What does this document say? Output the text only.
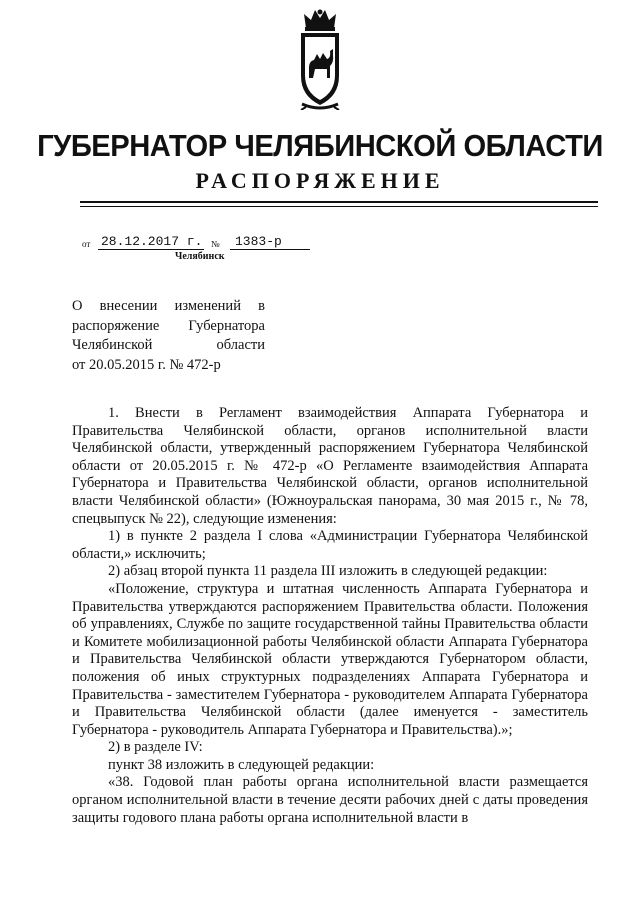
ГУБЕРНАТОР ЧЕЛЯБИНСКОЙ ОБЛАСТИ
РАСПОРЯЖЕНИЕ
от 28.12.2017 г. № 1383-р
Челябинск
О внесении изменений в
распоряжение Губернатора
Челябинской области
от 20.05.2015 г. № 472-р

1. Внести в Регламент взаимодействия Аппарата Губернатора и Правительства Челябинской области, органов исполнительной власти Челябинской области, утвержденный распоряжением Губернатора Челябинской области от 20.05.2015 г. № 472-р «О Регламенте взаимодействия Аппарата Губернатора и Правительства Челябинской области, органов исполнительной власти Челябинской области» (Южноуральская панорама, 30 мая 2015 г., № 78, спецвыпуск № 22), следующие изменения:

1) в пункте 2 раздела I слова «Администрации Губернатора Челябинской области,» исключить;

2) абзац второй пункта 11 раздела III изложить в следующей редакции:

«Положение, структура и штатная численность Аппарата Губернатора и Правительства утверждаются распоряжением Правительства области. Положения об управлениях, Службе по защите государственной тайны Правительства области и Комитете мобилизационной работы Челябинской области Аппарата Губернатора и Правительства Челябинской области утверждаются Губернатором области, положения об иных структурных подразделениях Аппарата Губернатора и Правительства - заместителем Губернатора - руководителем Аппарата Губернатора и Правительства Челябинской области (далее именуется - заместитель Губернатора - руководитель Аппарата Губернатора и Правительства).»;

2) в разделе IV:

пункт 38 изложить в следующей редакции:

«38. Годовой план работы органа исполнительной власти размещается органом исполнительной власти в течение десяти рабочих дней с даты проведения защиты годового плана работы органа исполнительной власти в
